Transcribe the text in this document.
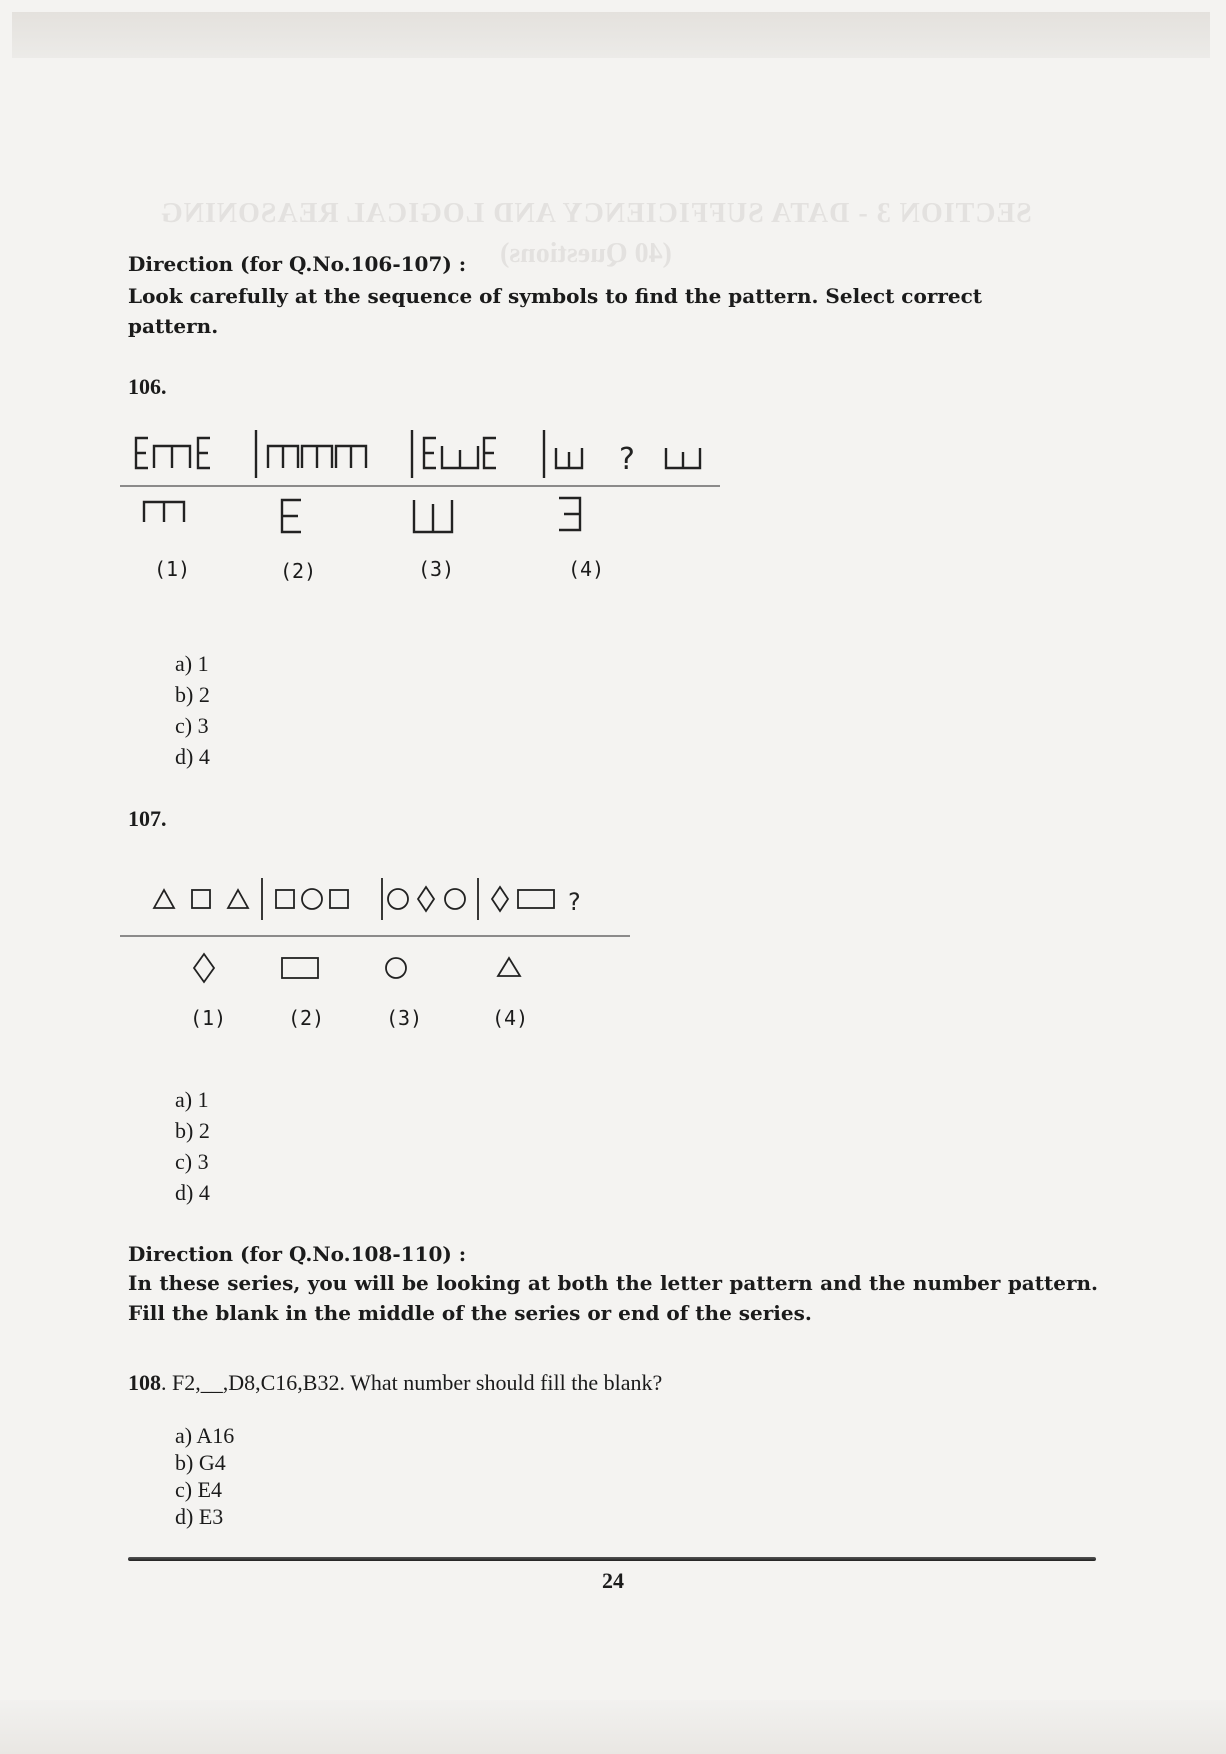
SECTION 3 - DATA SUFFICIENCY AND LOGICAL REASONING
(40 Questions)
Direction (for Q.No.106-107) :
Look carefully at the sequence of symbols to find the pattern. Select correct pattern.
106.
?
(1)	(2)	(3)	(4)
a) 1
b) 2
c) 3
d) 4
107.
?
(1)	(2)	(3)	(4)
a) 1
b) 2
c) 3
d) 4
Direction (for Q.No.108-110) :
In these series, you will be looking at both the letter pattern and the number pattern. Fill the blank in the middle of the series or end of the series.
108. F2,__,D8,C16,B32. What number should fill the blank?
a) A16
b) G4
c) E4
d) E3
24
